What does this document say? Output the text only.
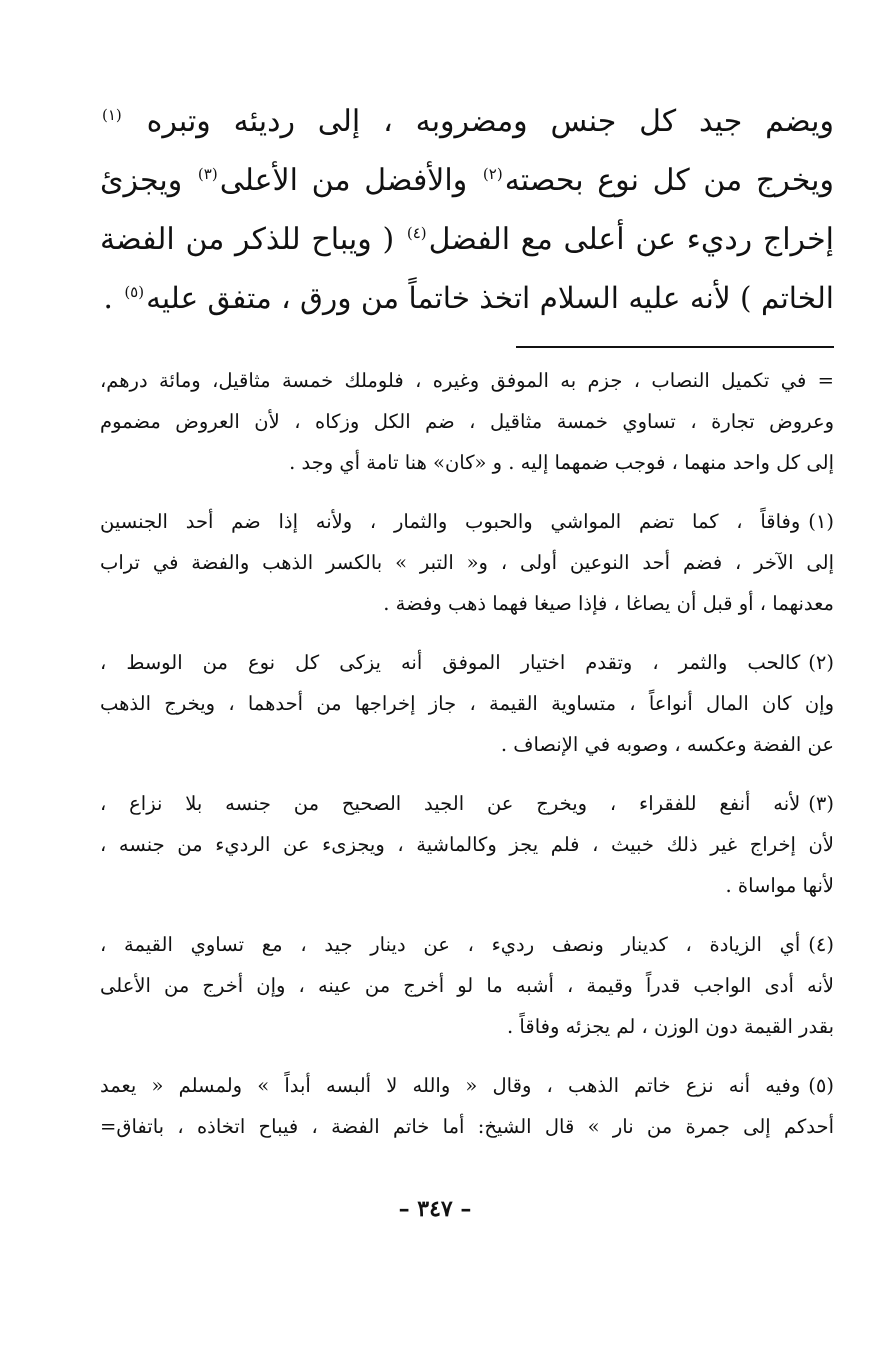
ويضم جيد كل جنس ومضروبه ، إلى رديئه وتبره $^{(١)}$
ويخرج من كل نوع بحصته$^{(٢)}$ والأفضل من الأعلى$^{(٣)}$ ويجزئ
إخراج رديء عن أعلى مع الفضل$^{(٤)}$ ( ويباح للذكر من الفضة
الخاتم ) لأنه عليه السلام اتخذ خاتماً من ورق ، متفق عليه$^{(٥)}$ .
= في تكميل النصاب ، جزم به الموفق وغيره ، فلوملك خمسة مثاقيل، ومائة درهم،
وعروض تجارة ، تساوي خمسة مثاقيل ، ضم الكل وزكاه ، لأن العروض مضموم
إلى كل واحد منهما ، فوجب ضمهما إليه . و «كان» هنا تامة أي وجد .
(١)وفاقاً ، كما تضم المواشي والحبوب والثمار ، ولأنه إذا ضم أحد الجنسين
إلى الآخر ، فضم أحد النوعين أولى ، و« التبر » بالكسر الذهب والفضة في تراب
معدنهما ، أو قبل أن يصاغا ، فإذا صيغا فهما ذهب وفضة .
(٢)كالحب والثمر ، وتقدم اختيار الموفق أنه يزكى كل نوع من الوسط ،
وإن كان المال أنواعاً ، متساوية القيمة ، جاز إخراجها من أحدهما ، ويخرج الذهب
عن الفضة وعكسه ، وصوبه في الإنصاف .
(٣)لأنه أنفع للفقراء ، ويخرج عن الجيد الصحيح من جنسه بلا نزاع ،
لأن إخراج غير ذلك خبيث ، فلم يجز وكالماشية ، ويجزىء عن الرديء من جنسه ،
لأنها مواساة .
(٤)أي الزيادة ، كدينار ونصف رديء ، عن دينار جيد ، مع تساوي القيمة ،
لأنه أدى الواجب قدراً وقيمة ، أشبه ما لو أخرج من عينه ، وإن أخرج من الأعلى
بقدر القيمة دون الوزن ، لم يجزئه وفاقاً .
(٥)وفيه أنه نزع خاتم الذهب ، وقال « والله لا ألبسه أبداً » ولمسلم « يعمد
أحدكم إلى جمرة من نار » قال الشيخ: أما خاتم الفضة ، فيباح اتخاذه ، باتفاق=
– ٣٤٧ –
